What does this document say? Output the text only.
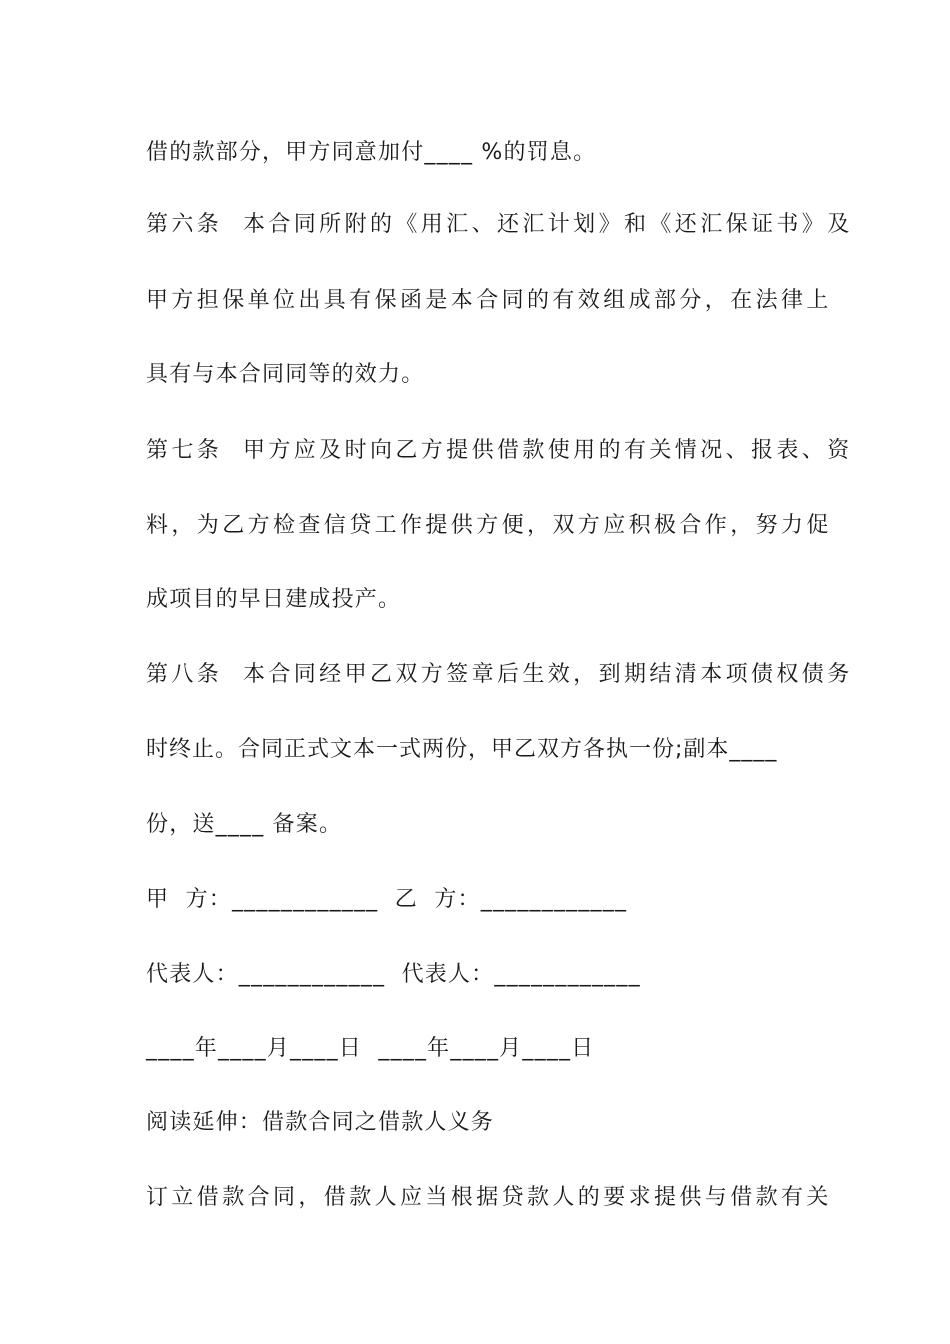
借的款部分，甲方同意加付____ %的罚息。
第六条  本合同所附的《用汇、还汇计划》和《还汇保证书》及
甲方担保单位出具有保函是本合同的有效组成部分，在法律上
具有与本合同同等的效力。
第七条  甲方应及时向乙方提供借款使用的有关情况、报表、资
料，为乙方检查信贷工作提供方便，双方应积极合作，努力促
成项目的早日建成投产。
第八条  本合同经甲乙双方签章后生效，到期结清本项债权债务
时终止。合同正式文本一式两份，甲乙双方各执一份;副本____
份，送____ 备案。
甲  方：____________  乙  方：____________
代表人：____________  代表人：____________
____年____月____日  ____年____月____日
阅读延伸：借款合同之借款人义务
订立借款合同，借款人应当根据贷款人的要求提供与借款有关
